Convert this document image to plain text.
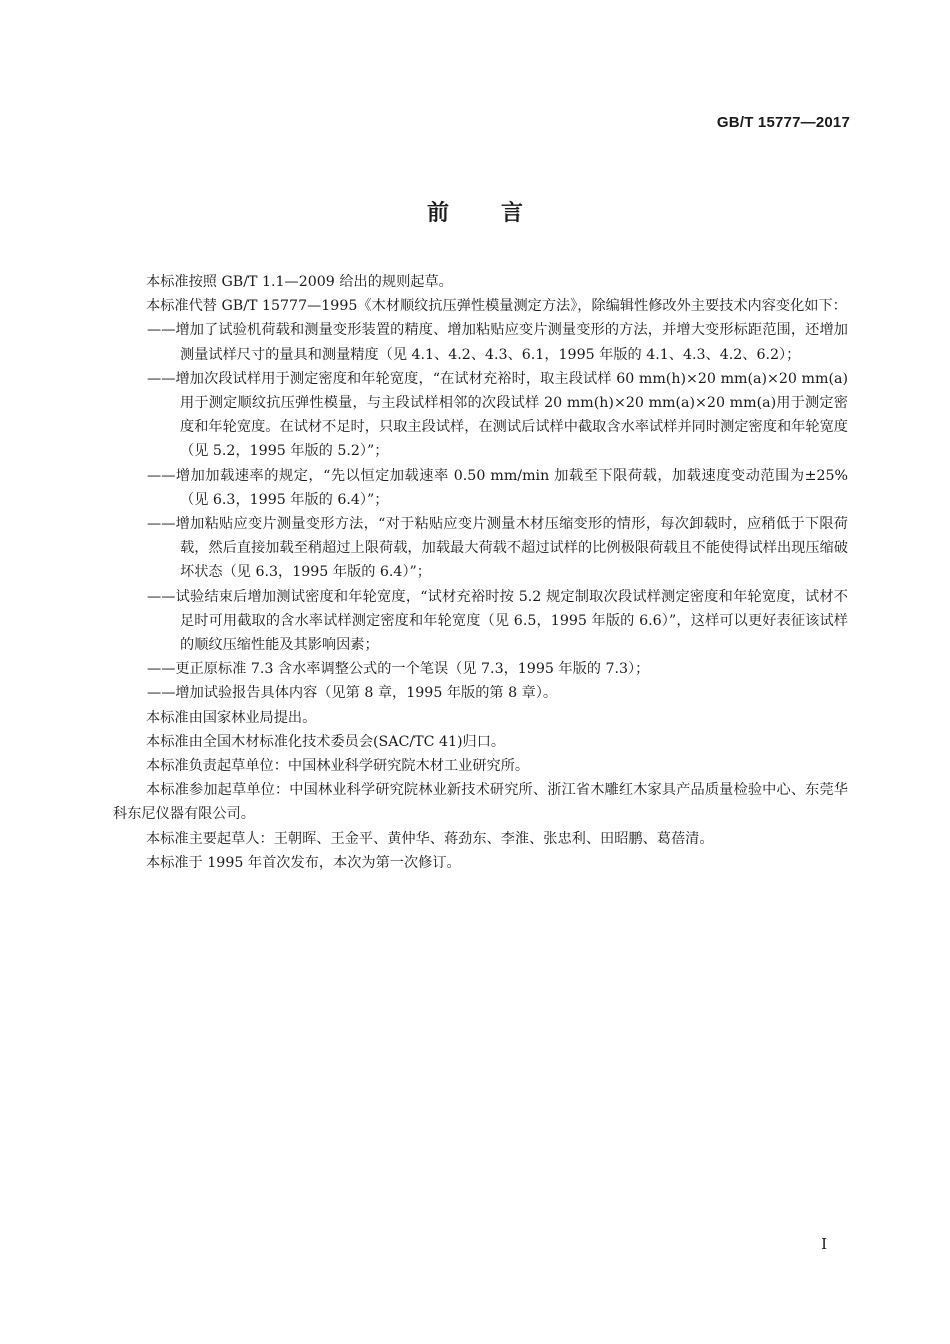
GB/T 15777—2017
前言

本标准按照 GB/T 1.1—2009 给出的规则起草。

本标准代替 GB/T 15777—1995《木材顺纹抗压弹性模量测定方法》，除编辑性修改外主要技术内容变化如下：

——增加了试验机荷载和测量变形装置的精度、增加粘贴应变片测量变形的方法，并增大变形标距范围，还增加测量试样尺寸的量具和测量精度（见 4.1、4.2、4.3、6.1，1995 年版的 4.1、4.3、4.2、6.2）；

——增加次段试样用于测定密度和年轮宽度，“在试材充裕时，取主段试样 60 mm(h)×20 mm(a)×20 mm(a)用于测定顺纹抗压弹性模量，与主段试样相邻的次段试样 20 mm(h)×20 mm(a)×20 mm(a)用于测定密度和年轮宽度。在试材不足时，只取主段试样，在测试后试样中截取含水率试样并同时测定密度和年轮宽度（见 5.2，1995 年版的 5.2）”；

——增加加载速率的规定，“先以恒定加载速率 0.50 mm/min 加载至下限荷载，加载速度变动范围为±25%（见 6.3，1995 年版的 6.4）”；

——增加粘贴应变片测量变形方法，“对于粘贴应变片测量木材压缩变形的情形，每次卸载时，应稍低于下限荷载，然后直接加载至稍超过上限荷载，加载最大荷载不超过试样的比例极限荷载且不能使得试样出现压缩破坏状态（见 6.3，1995 年版的 6.4）”；

——试验结束后增加测试密度和年轮宽度，“试材充裕时按 5.2 规定制取次段试样测定密度和年轮宽度，试材不足时可用截取的含水率试样测定密度和年轮宽度（见 6.5，1995 年版的 6.6）”，这样可以更好表征该试样的顺纹压缩性能及其影响因素；

——更正原标准 7.3 含水率调整公式的一个笔误（见 7.3，1995 年版的 7.3）；

——增加试验报告具体内容（见第 8 章，1995 年版的第 8 章）。

本标准由国家林业局提出。

本标准由全国木材标准化技术委员会(SAC/TC 41)归口。

本标准负责起草单位：中国林业科学研究院木材工业研究所。

本标准参加起草单位：中国林业科学研究院林业新技术研究所、浙江省木雕红木家具产品质量检验中心、东莞华科东尼仪器有限公司。

本标准主要起草人：王朝晖、王金平、黄仲华、蒋劲东、李淮、张忠利、田昭鹏、葛蓓清。

本标准于 1995 年首次发布，本次为第一次修订。

I
